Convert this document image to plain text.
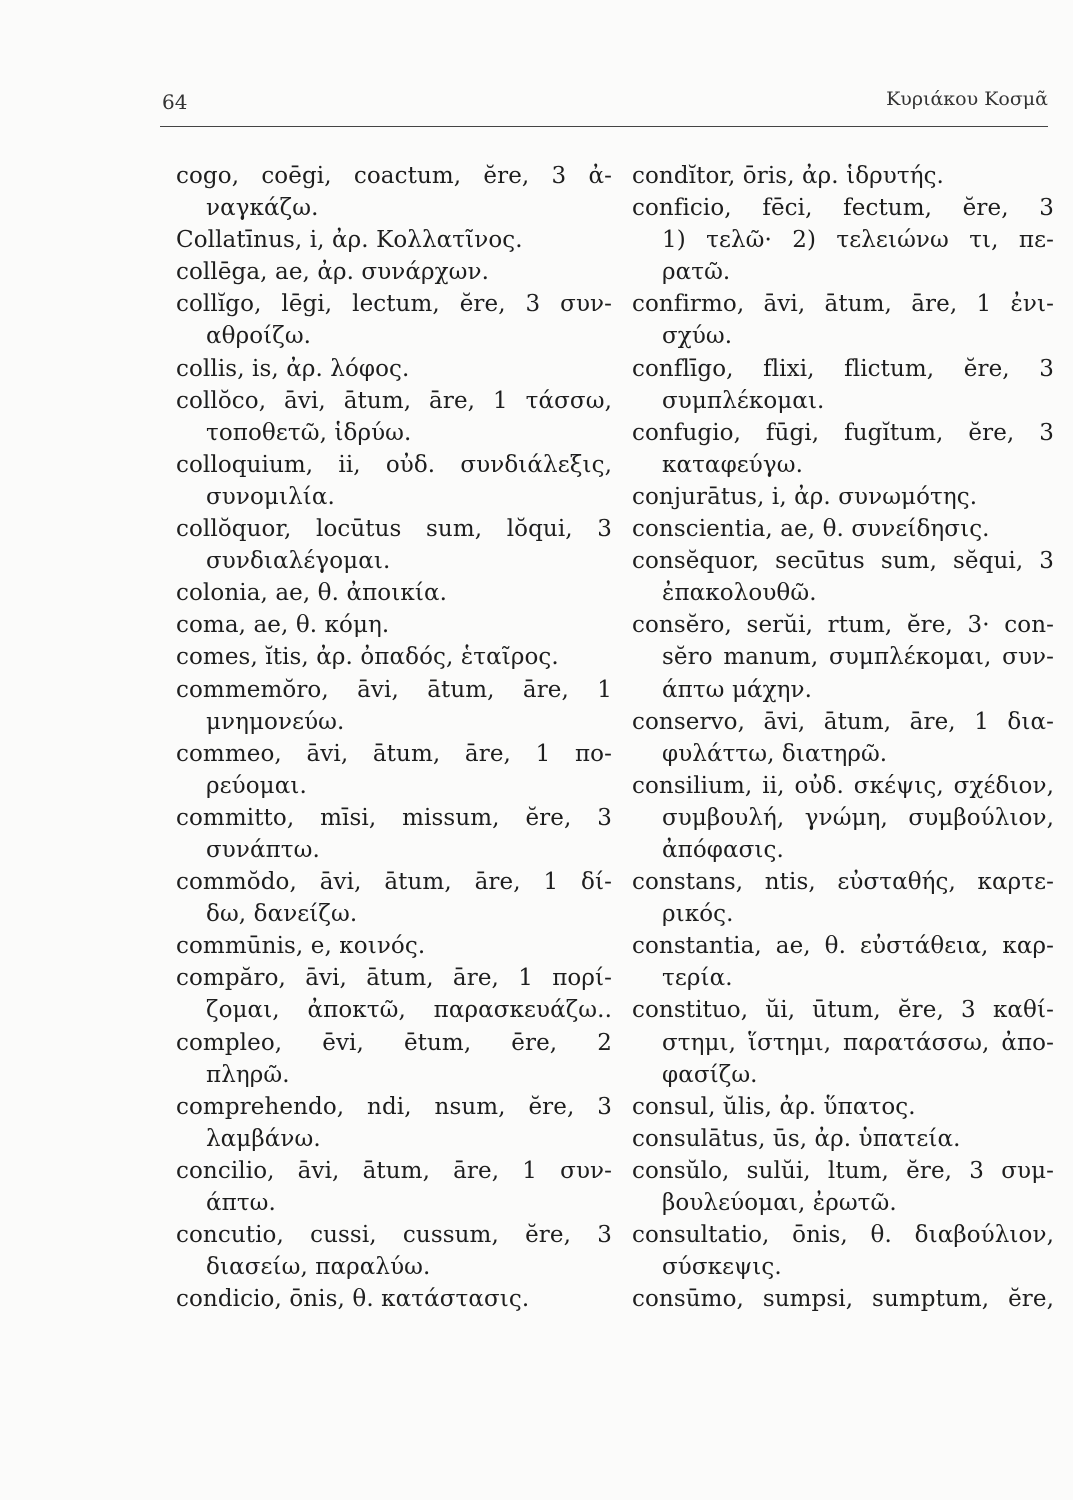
64	Κυριάκου Κοσμᾶ
cogo, coēgi, coactum, ĕre, 3 ἀ-
ναγκάζω.
Collatīnus, i, ἀρ. Κολλατῖνος.
collēga, ae, ἀρ. συνάρχων.
collĭgo, lēgi, lectum, ĕre, 3 συν-
αθροίζω.
collis, is, ἀρ. λόφος.
collŏco, āvi, ātum, āre, 1 τάσσω,
τοποθετῶ, ἱδρύω.
colloquium, ii, οὐδ. συνδιάλεξις,
συνομιλία.
collŏquor, locūtus sum, lŏqui, 3
συνδιαλέγομαι.
colonia, ae, θ. ἀποικία.
coma, ae, θ. κόμη.
comes, ĭtis, ἀρ. ὀπαδός, ἑταῖρος.
commemŏro, āvi, ātum, āre, 1
μνημονεύω.
commeo, āvi, ātum, āre, 1 πο-
ρεύομαι.
committo, mīsi, missum, ĕre, 3
συνάπτω.
commŏdo, āvi, ātum, āre, 1 δί-
δω, δανείζω.
commūnis, e, κοινός.
compăro, āvi, ātum, āre, 1 πορί-
ζομαι, ἀποκτῶ, παρασκευάζω..
compleo, ēvi, ētum, ēre, 2
πληρῶ.
comprehendo, ndi, nsum, ĕre, 3
λαμβάνω.
concilio, āvi, ātum, āre, 1 συν-
άπτω.
concutio, cussi, cussum, ĕre, 3
διασείω, παραλύω.
condicio, ōnis, θ. κατάστασις.
condĭtor, ōris, ἀρ. ἱδρυτής.
conficio, fēci, fectum, ĕre, 3
1) τελῶ· 2) τελειώνω τι, πε-
ρατῶ.
confirmo, āvi, ātum, āre, 1 ἐνι-
σχύω.
conflīgo, flixi, flictum, ĕre, 3
συμπλέκομαι.
confugio, fūgi, fugĭtum, ĕre, 3
καταφεύγω.
conjurātus, i, ἀρ. συνωμότης.
conscientia, ae, θ. συνείδησις.
consĕquor, secūtus sum, sĕqui, 3
ἐπακολουθῶ.
consĕro, serŭi, rtum, ĕre, 3· con-
sĕro manum, συμπλέκομαι, συν-
άπτω μάχην.
conservo, āvi, ātum, āre, 1 δια-
φυλάττω, διατηρῶ.
consilium, ii, οὐδ. σκέψις, σχέδιον,
συμβουλή, γνώμη, συμβούλιον,
ἀπόφασις.
constans, ntis, εὐσταθής, καρτε-
ρικός.
constantia, ae, θ. εὐστάθεια, καρ-
τερία.
constituo, ŭi, ūtum, ĕre, 3 καθί-
στημι, ἵστημι, παρατάσσω, ἀπο-
φασίζω.
consul, ŭlis, ἀρ. ὕπατος.
consulātus, ūs, ἀρ. ὑπατεία.
consŭlo, sulŭi, ltum, ĕre, 3 συμ-
βουλεύομαι, ἐρωτῶ.
consultatio, ōnis, θ. διαβούλιον,
σύσκεψις.
consūmo, sumpsi, sumptum, ĕre,
